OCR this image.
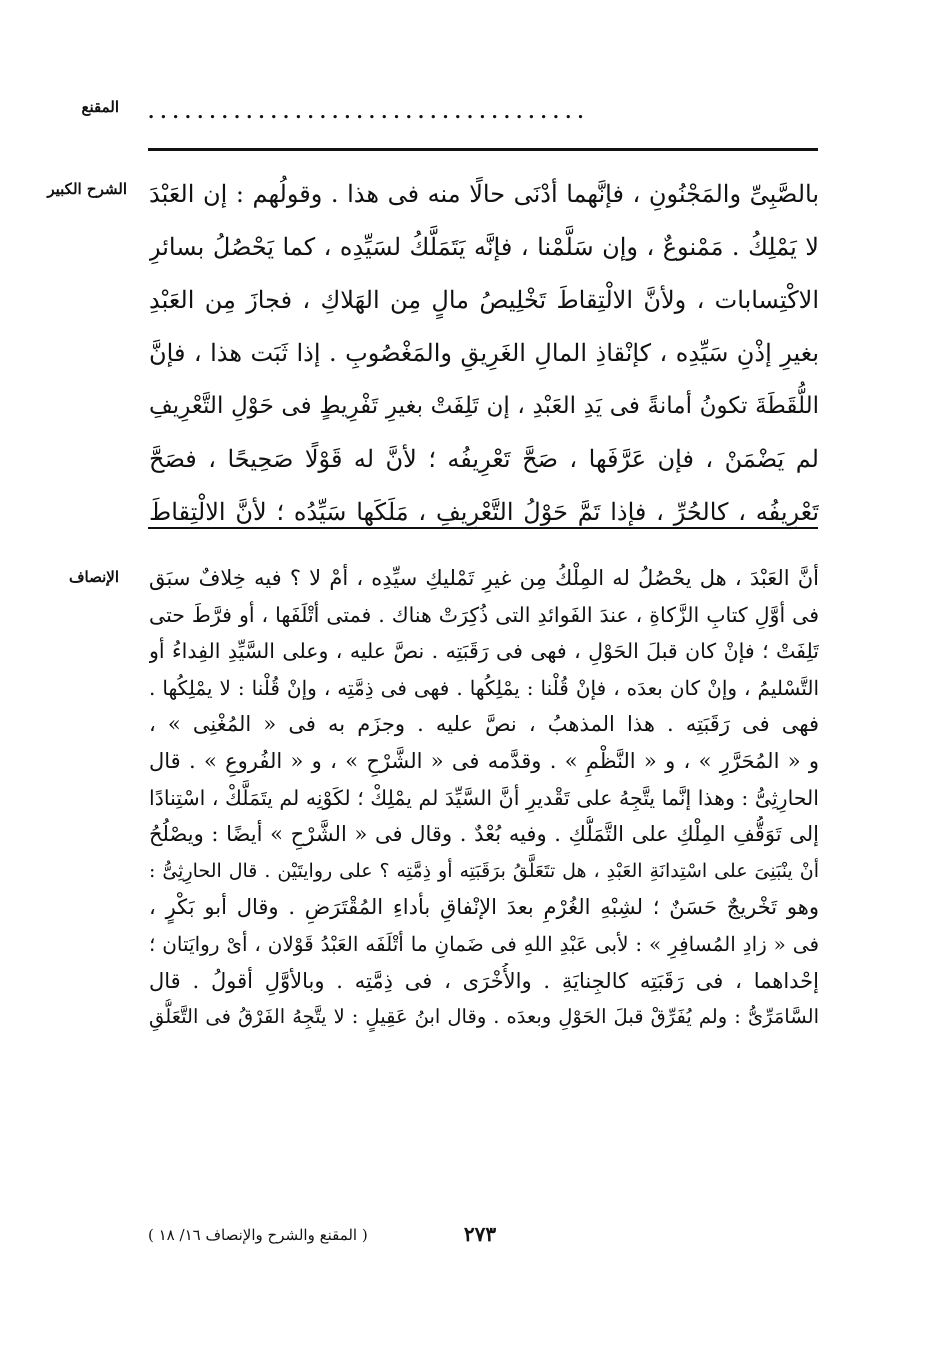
المقنع ....................................
الشرح الكبير بالصَّبِىِّ والمَجْنُونِ ، فإنَّهما أدْنَى حالًا منه فى هذا . وقولُهم : إن العَبْدَ
لا يَمْلِكُ . مَمْنوعٌ ، وإن سَلَّمْنا ، فإنَّه يَتَمَلَّكُ لسَيِّدِه ، كما يَحْصُلُ بسائرِ
الاكْتِسابات ، ولأنَّ الالْتِقاطَ تَخْلِيصُ مالٍ مِن الهَلاكِ ، فجازَ مِن العَبْدِ
بغيرِ إذْنِ سَيِّدِه ، كإنْقاذِ المالِ الغَرِيقِ والمَغْصُوبِ . إذا ثَبَت هذا ، فإنَّ
اللُّقَطَةَ تكونُ أمانةً فى يَدِ العَبْدِ ، إن تَلِفَتْ بغيرِ تَفْرِيطٍ فى حَوْلِ التَّعْرِيفِ
لم يَضْمَنْ ، فإن عَرَّفَها ، صَحَّ تَعْرِيفُه ؛ لأنَّ له قَوْلًا صَحِيحًا ، فصَحَّ
تَعْرِيفُه ، كالحُرِّ ، فإذا تَمَّ حَوْلُ التَّعْرِيفِ ، مَلَكَها سَيِّدُه ؛ لأنَّ الالْتِقاطَ
الإنصاف أنَّ العَبْدَ ، هل يحْصُلُ له المِلْكُ مِن غيرِ تَمْليكِ سيِّدِه ، أمْ لا ؟ فيه خِلافٌ سبَق
فى أوَّلِ كتابِ الزَّكاةِ ، عندَ الفَوائدِ التى ذُكِرَتْ هناك . فمتى أتْلَفَها ، أو فرَّطَ حتى
تَلِفَتْ ؛ فإنْ كان قبلَ الحَوْلِ ، فهى فى رَقَبَتِه . نصَّ عليه ، وعلى السَّيِّدِ الفِداءُ أو
التَّسْليمُ ، وإنْ كان بعدَه ، فإنْ قُلْنا : يمْلِكُها . فهى فى ذِمَّتِه ، وإنْ قُلْنا : لا يمْلِكُها .
فهى فى رَقَبَتِه . هذا المذهبُ ، نصَّ عليه . وجزَم به فى « المُغْنِى » ،
و « المُحَرَّرِ » ، و « النَّظْمِ » . وقدَّمه فى « الشَّرْحِ » ، و « الفُروعِ » . قال
الحارِثِىُّ : وهذا إنَّما يتَّجِهُ على تَقْديرِ أنَّ السَّيِّدَ لم يمْلِكْ ؛ لكَوْنِه لم يتَمَلَّكْ ، اسْتِنادًا
إلى تَوَقُّفِ المِلْكِ على التَّمَلُّكِ . وفيه بُعْدٌ . وقال فى « الشَّرْحِ » أيضًا : ويصْلُحُ
أنْ ينْبَنِىَ على اسْتِدانَةِ العَبْدِ ، هل تتَعَلَّقُ برَقَبَتِه أو ذِمَّتِه ؟ على روايتَيْن . قال الحارِثِىُّ :
وهو تَخْريجٌ حَسَنٌ ؛ لشِبْهِ الغُرْمِ بعدَ الإنْفاقِ بأداءِ المُقْتَرَضِ . وقال أبو بَكْرٍ ،
فى « زادِ المُسافِرِ » : لأبى عَبْدِ اللهِ فى ضَمانِ ما أتْلَفَه العَبْدُ قَوْلان ، أىْ روايَتان ؛
إحْداهما ، فى رَقَبَتِه كالجِنايَةِ . والأُخْرَى ، فى ذِمَّتِه . وبالأوَّلِ أقولُ . قال
السَّامَرِّىُّ : ولم يُفَرِّقْ قبلَ الحَوْلِ وبعدَه . وقال ابنُ عَقِيلٍ : لا يتَّجِهُ الفَرْقُ فى التَّعَلُّقِ
٢٧٣
( المقنع والشرح والإنصاف ١٦/ ١٨ )
